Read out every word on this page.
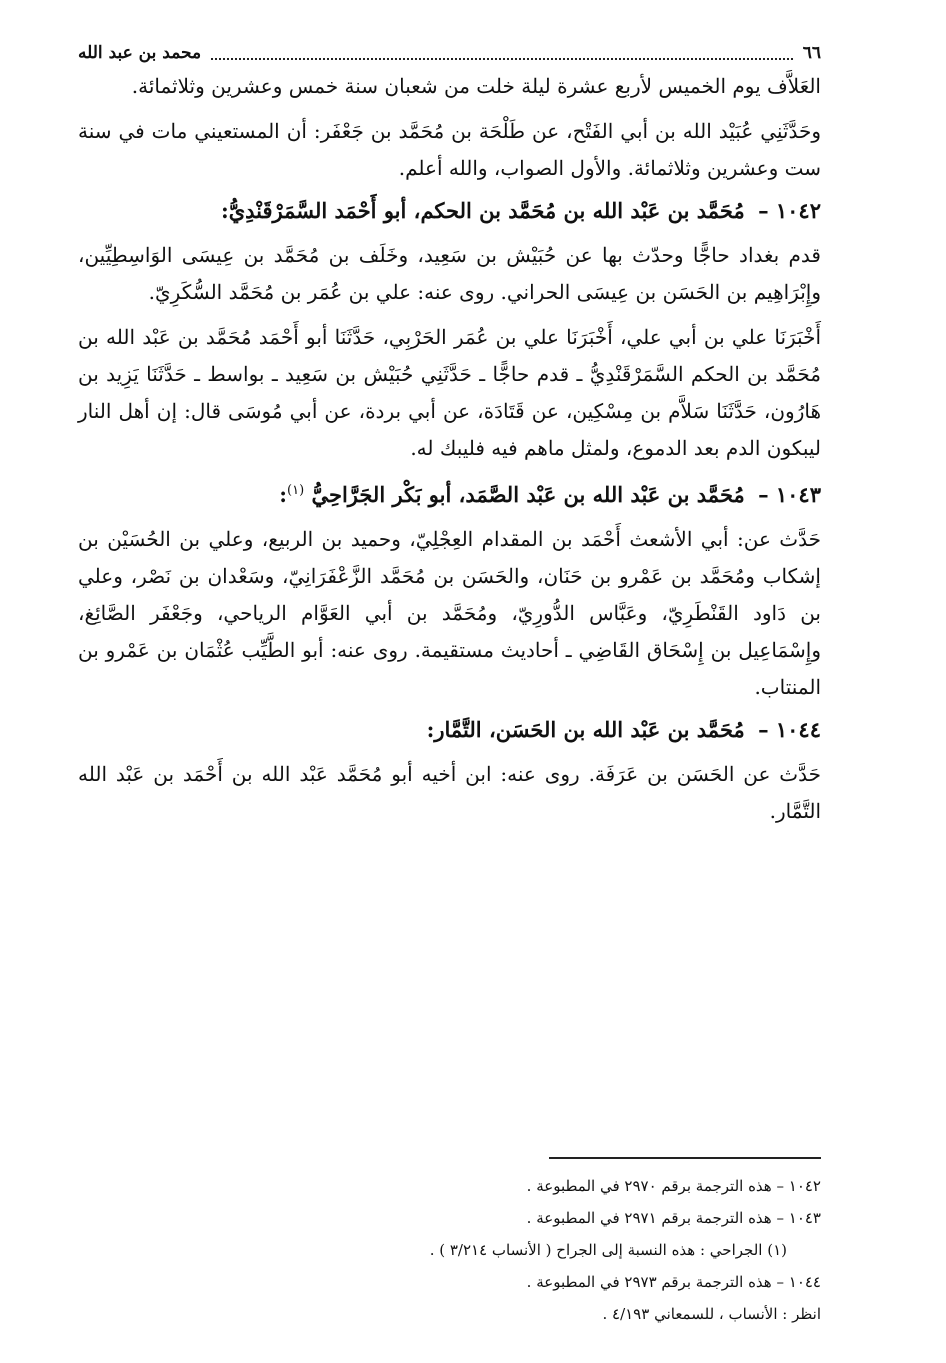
٦٦
محمد بن عبد الله

العَلاَّف يوم الخميس لأربع عشرة ليلة خلت من شعبان سنة خمس وعشرين وثلاثمائة.

وحَدَّثَنِي عُبَيْد الله بن أبي الفَتْح، عن طَلْحَة بن مُحَمَّد بن جَعْفَر: أن المستعيني مات في سنة ست وعشرين وثلاثمائة. والأول الصواب، والله أعلم.

١٠٤٢ – مُحَمَّد بن عَبْد الله بن مُحَمَّد بن الحكم، أبو أَحْمَد السَّمَرْقَنْدِيُّ:

قدم بغداد حاجًّا وحدّث بها عن حُبَيْش بن سَعِيد، وخَلَف بن مُحَمَّد بن عِيسَى الوَاسِطِيِّين، وإِبْرَاهِيم بن الحَسَن بن عِيسَى الحراني. روى عنه: علي بن عُمَر بن مُحَمَّد السُّكَرِيّ.

أَخْبَرَنَا علي بن أبي علي، أَخْبَرَنَا علي بن عُمَر الحَرْبِي، حَدَّثَنَا أبو أَحْمَد مُحَمَّد بن عَبْد الله بن مُحَمَّد بن الحكم السَّمَرْقَنْدِيُّ ـ قدم حاجًّا ـ حَدَّثَنِي حُبَيْش بن سَعِيد ـ بواسط ـ حَدَّثَنَا يَزِيد بن هَارُون، حَدَّثَنَا سَلاَّم بن مِسْكِين، عن قَتَادَة، عن أبي بردة، عن أبي مُوسَى قال: إن أهل النار ليبكون الدم بعد الدموع، ولمثل ماهم فيه فليبك له.

١٠٤٣ – مُحَمَّد بن عَبْد الله بن عَبْد الصَّمَد، أبو بَكْر الجَرَّاحِيُّ $^{(١)}$:

حَدَّث عن: أبي الأشعث أَحْمَد بن المقدام العِجْلِيّ، وحميد بن الربيع، وعلي بن الحُسَيْن بن إشكاب ومُحَمَّد بن عَمْرو بن حَنَان، والحَسَن بن مُحَمَّد الزَّعْفَرَانِيّ، وسَعْدان بن نَصْر، وعلي بن دَاود القَنْطَرِيّ، وعَبَّاس الدُّورِيّ، ومُحَمَّد بن أبي العَوَّام الرياحي، وجَعْفَر الصَّائِغ، وإِسْمَاعِيل بن إِسْحَاق القَاضِي ـ أحاديث مستقيمة. روى عنه: أبو الطَّيِّب عُثْمَان بن عَمْرو بن المنتاب.

١٠٤٤ – مُحَمَّد بن عَبْد الله بن الحَسَن، التَّمَّار:

حَدَّث عن الحَسَن بن عَرَفَة. روى عنه: ابن أخيه أبو مُحَمَّد عَبْد الله بن أَحْمَد بن عَبْد الله التَّمَّار.

١٠٤٢ – هذه الترجمة برقم ٢٩٧٠ في المطبوعة .

١٠٤٣ – هذه الترجمة برقم ٢٩٧١ في المطبوعة .

(١) الجراحي : هذه النسبة إلى الجراح ( الأنساب ٣/٢١٤ ) .

١٠٤٤ – هذه الترجمة برقم ٢٩٧٣ في المطبوعة .

انظر : الأنساب ، للسمعاني ٤/١٩٣ .
